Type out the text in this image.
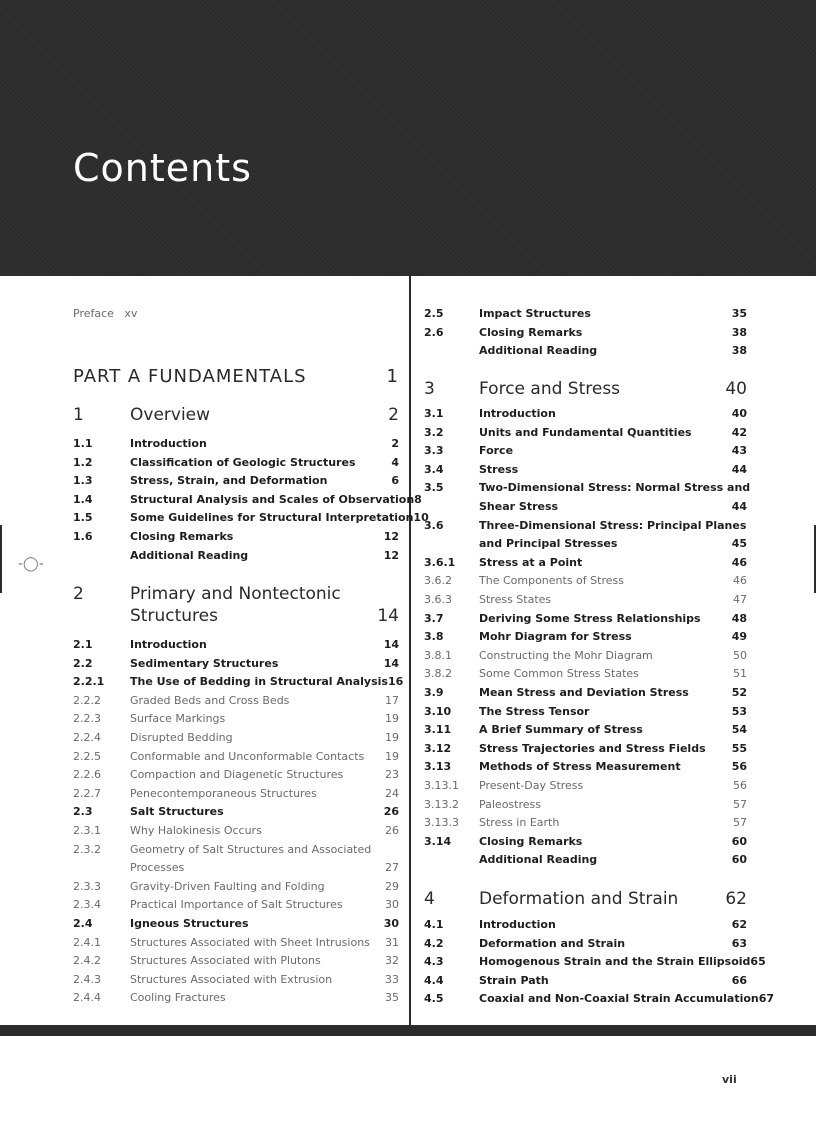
Contents
-◯-
Preface xv
PART A FUNDAMENTALS	1
1	Overview	2
1.1	Introduction	2
1.2	Classification of Geologic Structures	4
1.3	Stress, Strain, and Deformation	6
1.4	Structural Analysis and Scales of Observation 8
1.5	Some Guidelines for Structural Interpretation 10
1.6	Closing Remarks	12
Additional Reading	12
2	Primary and Nontectonic
Structures	14
2.1	Introduction	14
2.2	Sedimentary Structures	14
2.2.1	The Use of Bedding in Structural Analysis 16
2.2.2	Graded Beds and Cross Beds	17
2.2.3	Surface Markings	19
2.2.4	Disrupted Bedding	19
2.2.5	Conformable and Unconformable Contacts	19
2.2.6	Compaction and Diagenetic Structures	23
2.2.7	Penecontemporaneous Structures	24
2.3	Salt Structures	26
2.3.1	Why Halokinesis Occurs	26
2.3.2	Geometry of Salt Structures and Associated
Processes	27
2.3.3	Gravity-Driven Faulting and Folding	29
2.3.4	Practical Importance of Salt Structures	30
2.4	Igneous Structures	30
2.4.1	Structures Associated with Sheet Intrusions	31
2.4.2	Structures Associated with Plutons	32
2.4.3	Structures Associated with Extrusion	33
2.4.4	Cooling Fractures	35
2.5	Impact Structures	35
2.6	Closing Remarks	38
Additional Reading	38
3	Force and Stress	40
3.1	Introduction	40
3.2	Units and Fundamental Quantities	42
3.3	Force	43
3.4	Stress	44
3.5	Two-Dimensional Stress: Normal Stress and
Shear Stress	44
3.6	Three-Dimensional Stress: Principal Planes
and Principal Stresses	45
3.6.1	Stress at a Point	46
3.6.2	The Components of Stress	46
3.6.3	Stress States	47
3.7	Deriving Some Stress Relationships	48
3.8	Mohr Diagram for Stress	49
3.8.1	Constructing the Mohr Diagram	50
3.8.2	Some Common Stress States	51
3.9	Mean Stress and Deviation Stress	52
3.10	The Stress Tensor	53
3.11	A Brief Summary of Stress	54
3.12	Stress Trajectories and Stress Fields	55
3.13	Methods of Stress Measurement	56
3.13.1	Present-Day Stress	56
3.13.2	Paleostress	57
3.13.3	Stress in Earth	57
3.14	Closing Remarks	60
Additional Reading	60
4	Deformation and Strain	62
4.1	Introduction	62
4.2	Deformation and Strain	63
4.3	Homogenous Strain and the Strain Ellipsoid 65
4.4	Strain Path	66
4.5	Coaxial and Non-Coaxial Strain Accumulation 67
vii
